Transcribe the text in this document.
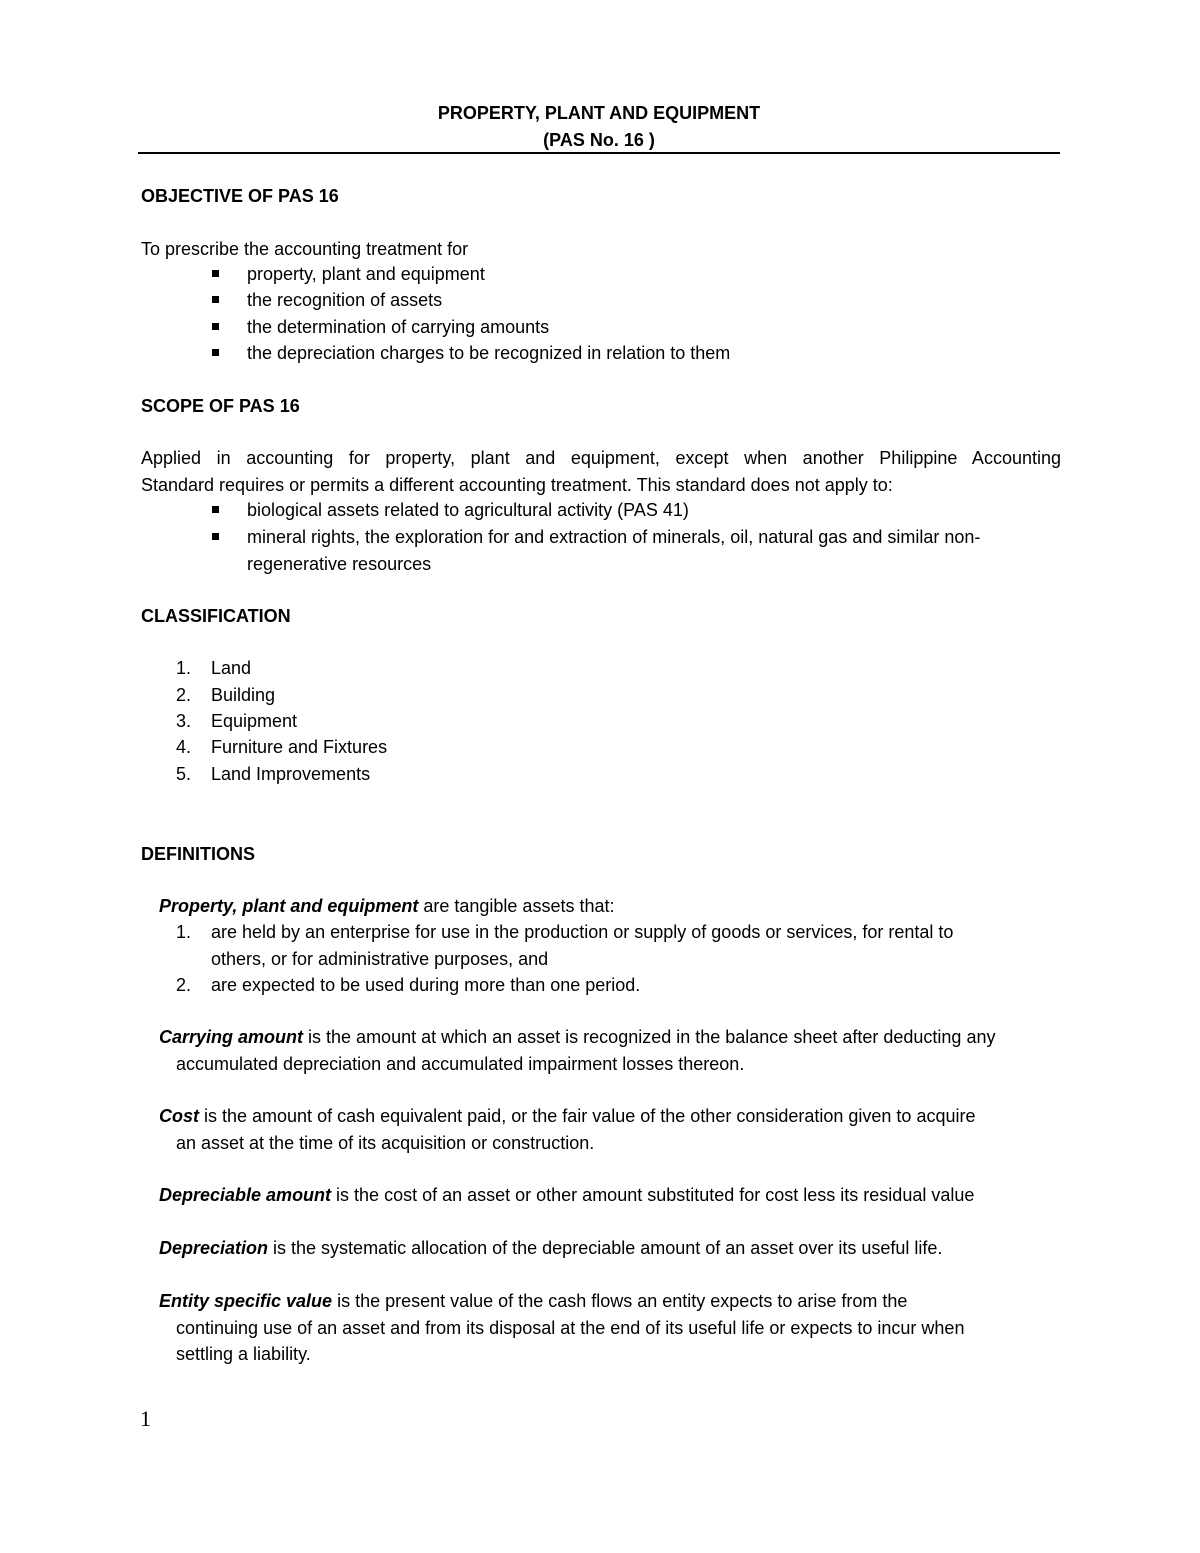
PROPERTY, PLANT AND EQUIPMENT
(PAS No. 16 )
OBJECTIVE OF PAS 16
To prescribe the accounting treatment for
property, plant and equipment
the recognition of assets
the determination of carrying amounts
the depreciation charges to be recognized in relation to them
SCOPE OF PAS 16
Applied in accounting for property, plant and equipment, except when another Philippine Accounting
Standard requires or permits a different accounting treatment. This standard does not apply to:
biological assets related to agricultural activity (PAS 41)
mineral rights, the exploration for and extraction of minerals, oil, natural gas and similar non-
regenerative resources
CLASSIFICATION
1.	Land
2.	Building
3.	Equipment
4.	Furniture and Fixtures
5.	Land Improvements
DEFINITIONS
Property, plant and equipment are tangible assets that:
1.	are held by an enterprise for use in the production or supply of goods or services, for rental to
others, or for administrative purposes, and
2.	are expected to be used during more than one period.
Carrying amount is the amount at which an asset is recognized in the balance sheet after deducting any
accumulated depreciation and accumulated impairment losses thereon.
Cost is the amount of cash equivalent paid, or the fair value of the other consideration given to acquire
an asset at the time of its acquisition or construction.
Depreciable amount is the cost of an asset or other amount substituted for cost less its residual value
Depreciation is the systematic allocation of the depreciable amount of an asset over its useful life.
Entity specific value is the present value of the cash flows an entity expects to arise from the
continuing use of an asset and from its disposal at the end of its useful life or expects to incur when
settling a liability.
1
